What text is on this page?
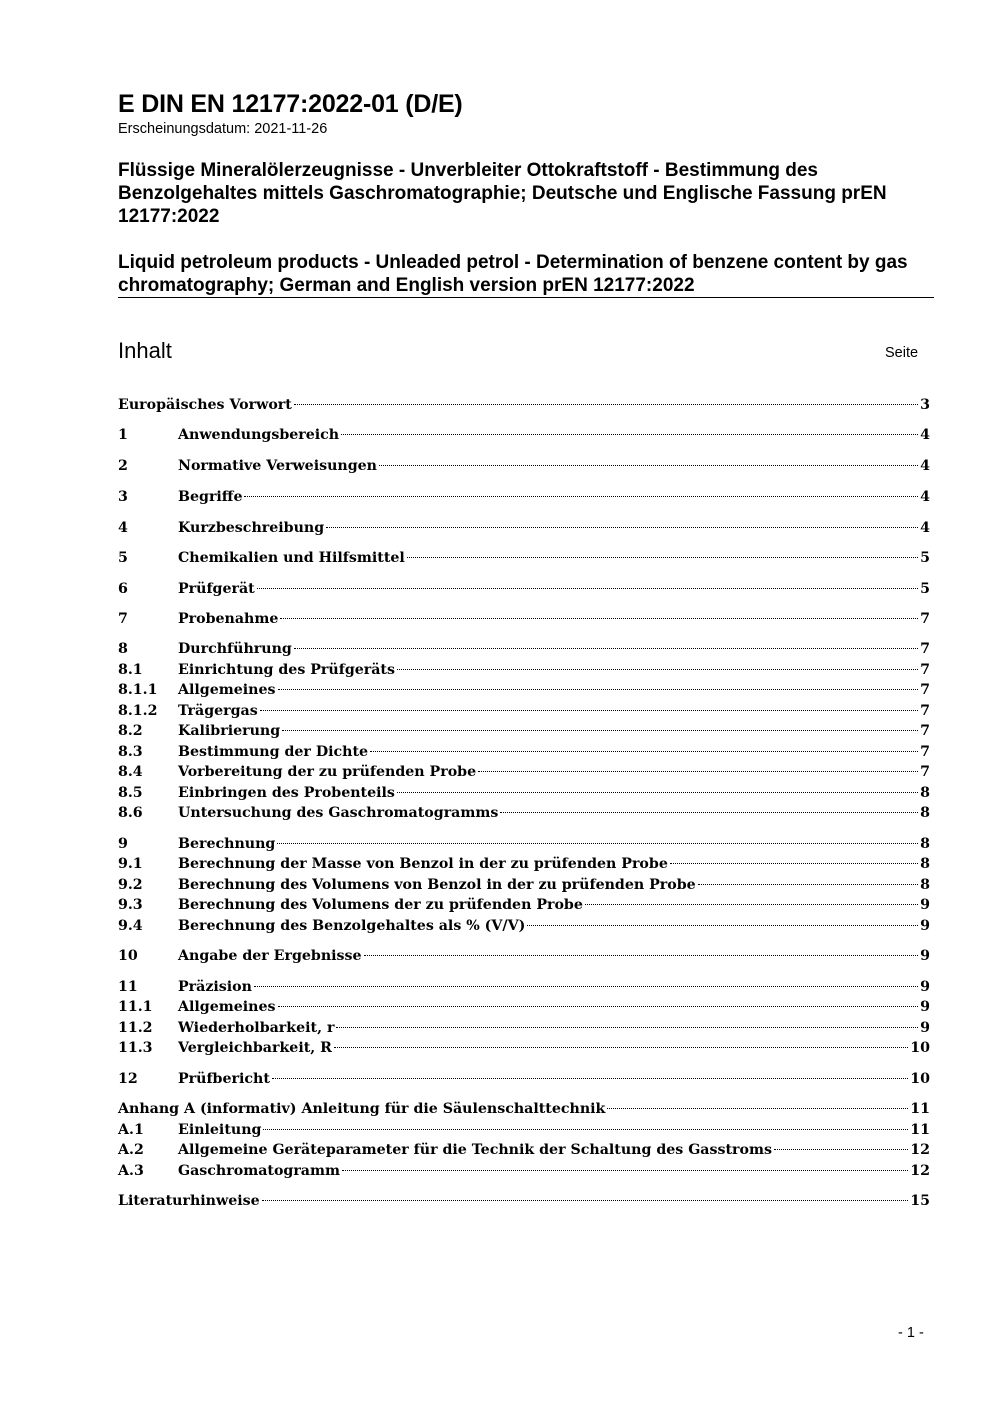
E DIN EN 12177:2022-01 (D/E)
Erscheinungsdatum: 2021-11-26
Flüssige Mineralölerzeugnisse - Unverbleiter Ottokraftstoff - Bestimmung des Benzolgehaltes mittels Gaschromatographie; Deutsche und Englische Fassung prEN 12177:2022
Liquid petroleum products - Unleaded petrol - Determination of benzene content by gas chromatography; German and English version prEN 12177:2022
Inhalt	Seite
Europäisches Vorwort	3
1	Anwendungsbereich	4
2	Normative Verweisungen	4
3	Begriffe	4
4	Kurzbeschreibung	4
5	Chemikalien und Hilfsmittel	5
6	Prüfgerät	5
7	Probenahme	7
8	Durchführung	7
8.1	Einrichtung des Prüfgeräts	7
8.1.1	Allgemeines	7
8.1.2	Trägergas	7
8.2	Kalibrierung	7
8.3	Bestimmung der Dichte	7
8.4	Vorbereitung der zu prüfenden Probe	7
8.5	Einbringen des Probenteils	8
8.6	Untersuchung des Gaschromatogramms	8
9	Berechnung	8
9.1	Berechnung der Masse von Benzol in der zu prüfenden Probe	8
9.2	Berechnung des Volumens von Benzol in der zu prüfenden Probe	8
9.3	Berechnung des Volumens der zu prüfenden Probe	9
9.4	Berechnung des Benzolgehaltes als % (V/V)	9
10	Angabe der Ergebnisse	9
11	Präzision	9
11.1	Allgemeines	9
11.2	Wiederholbarkeit, r	9
11.3	Vergleichbarkeit, R	10
12	Prüfbericht	10
Anhang A (informativ) Anleitung für die Säulenschalttechnik	11
A.1	Einleitung	11
A.2	Allgemeine Geräteparameter für die Technik der Schaltung des Gasstroms	12
A.3	Gaschromatogramm	12
Literaturhinweise	15
- 1 -
